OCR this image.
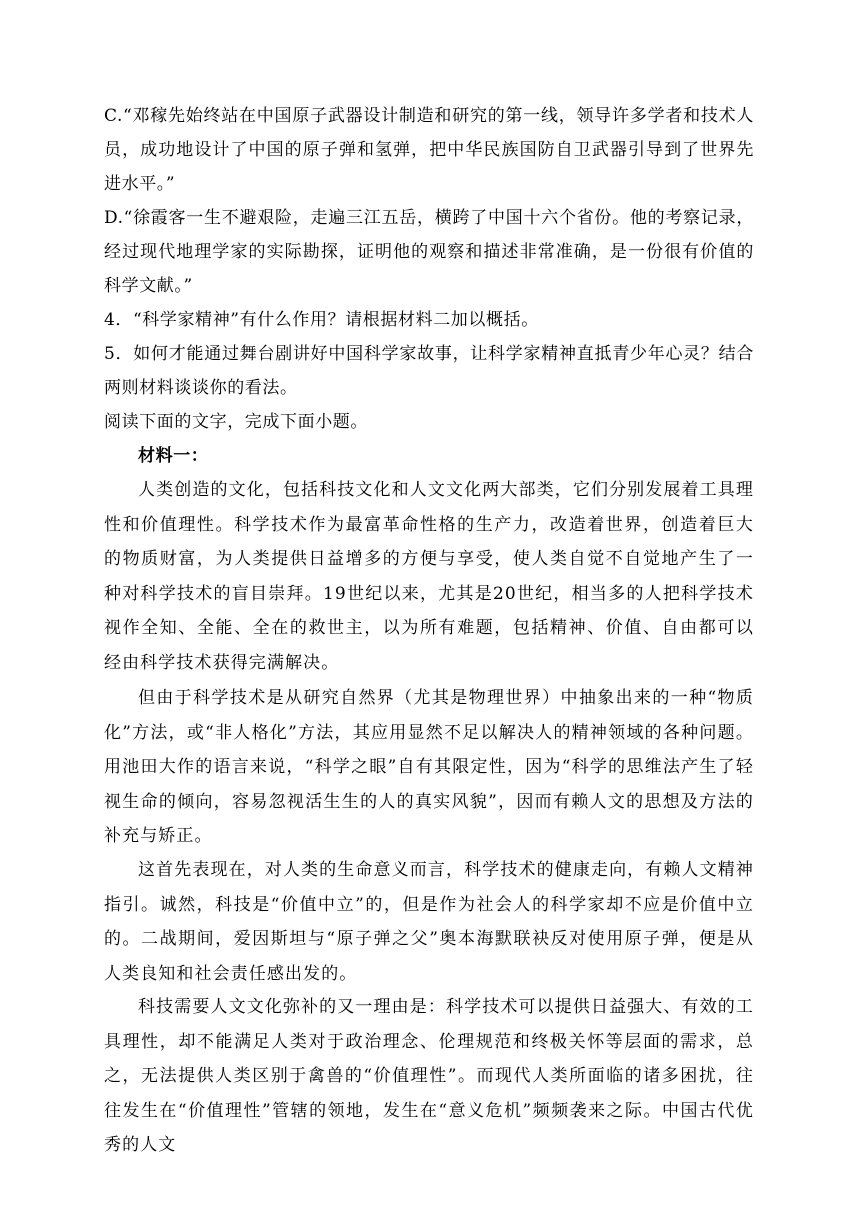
C.“邓稼先始终站在中国原子武器设计制造和研究的第一线，领导许多学者和技术人员，成功地设计了中国的原子弹和氢弹，把中华民族国防自卫武器引导到了世界先进水平。”

D.“徐霞客一生不避艰险，走遍三江五岳，横跨了中国十六个省份。他的考察记录，经过现代地理学家的实际勘探，证明他的观察和描述非常准确，是一份很有价值的科学文献。”

4．“科学家精神”有什么作用？请根据材料二加以概括。

5．如何才能通过舞台剧讲好中国科学家故事，让科学家精神直抵青少年心灵？结合两则材料谈谈你的看法。

阅读下面的文字，完成下面小题。

材料一：

人类创造的文化，包括科技文化和人文文化两大部类，它们分别发展着工具理性和价值理性。科学技术作为最富革命性格的生产力，改造着世界，创造着巨大的物质财富，为人类提供日益增多的方便与享受，使人类自觉不自觉地产生了一种对科学技术的盲目崇拜。19世纪以来，尤其是20世纪，相当多的人把科学技术视作全知、全能、全在的救世主，以为所有难题，包括精神、价值、自由都可以经由科学技术获得完满解决。

但由于科学技术是从研究自然界（尤其是物理世界）中抽象出来的一种“物质化”方法，或“非人格化”方法，其应用显然不足以解决人的精神领域的各种问题。用池田大作的语言来说，“科学之眼”自有其限定性，因为“科学的思维法产生了轻视生命的倾向，容易忽视活生生的人的真实风貌”，因而有赖人文的思想及方法的补充与矫正。

这首先表现在，对人类的生命意义而言，科学技术的健康走向，有赖人文精神指引。诚然，科技是“价值中立”的，但是作为社会人的科学家却不应是价值中立的。二战期间，爱因斯坦与“原子弹之父”奥本海默联袂反对使用原子弹，便是从人类良知和社会责任感出发的。

科技需要人文文化弥补的又一理由是：科学技术可以提供日益强大、有效的工具理性，却不能满足人类对于政治理念、伦理规范和终极关怀等层面的需求，总之，无法提供人类区别于禽兽的“价值理性”。而现代人类所面临的诸多困扰，往往发生在“价值理性”管辖的领地，发生在“意义危机”频频袭来之际。中国古代优秀的人文
